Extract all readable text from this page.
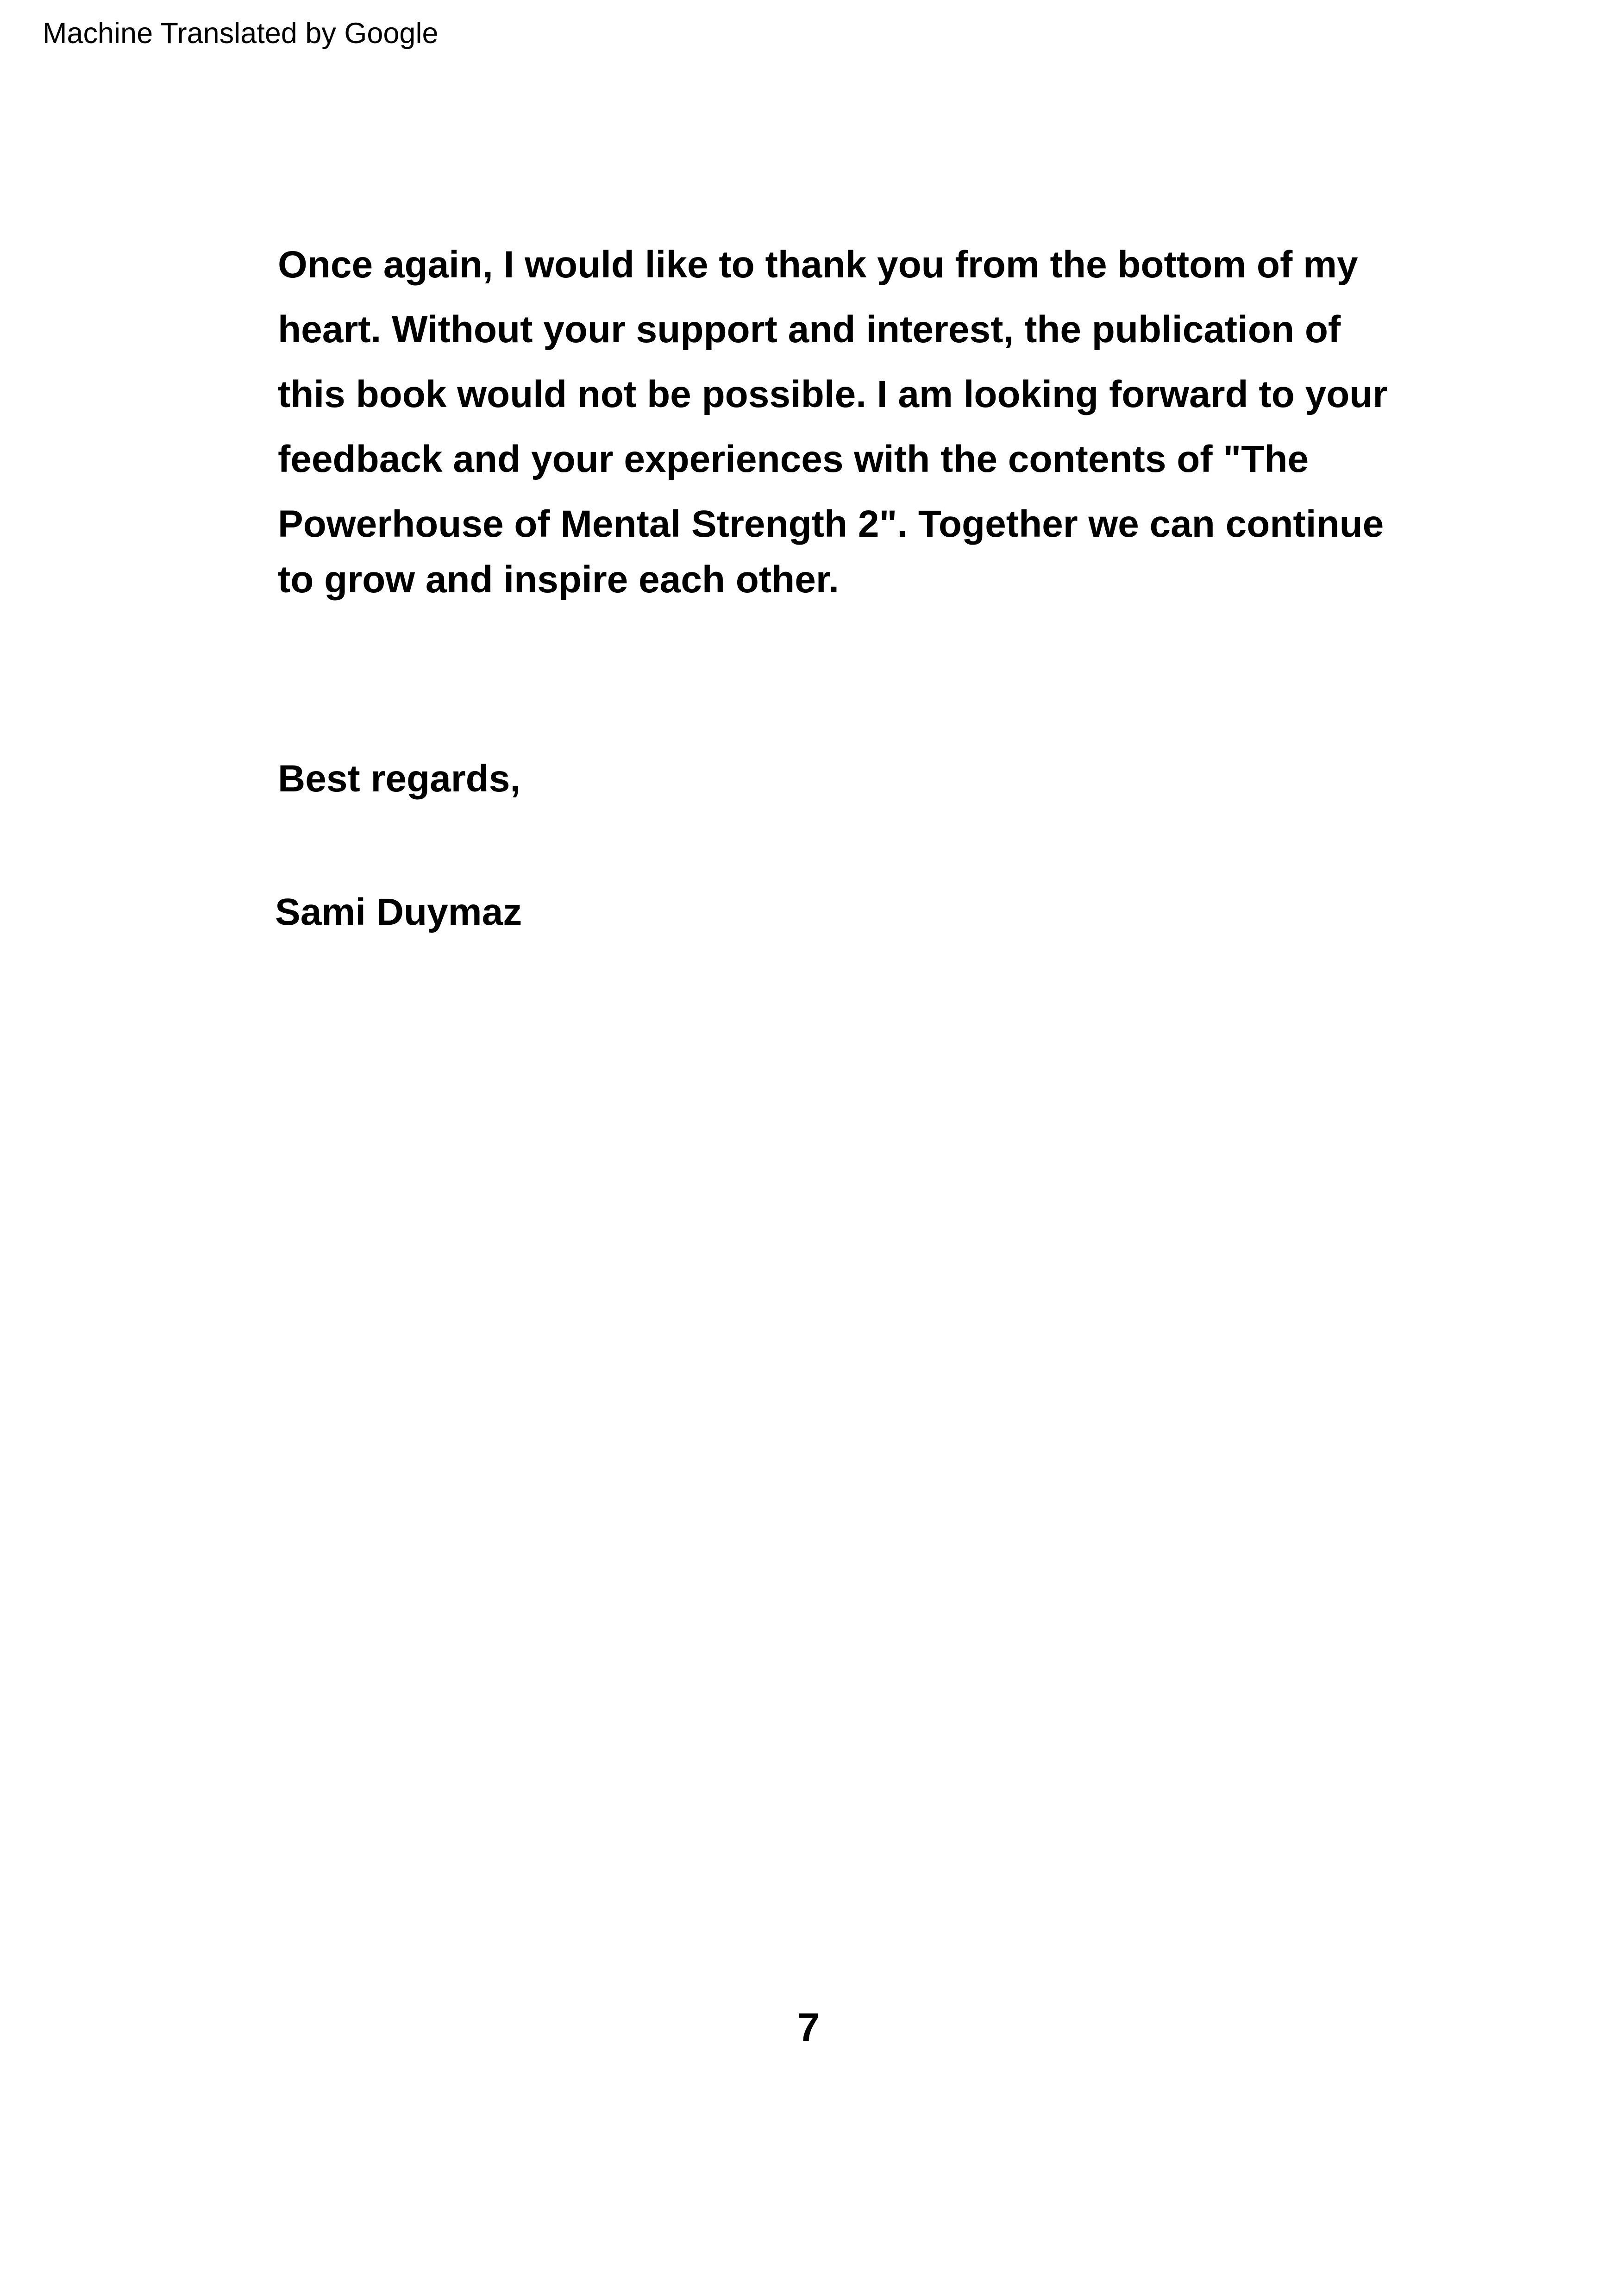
Machine Translated by Google
Once again, I would like to thank you from the bottom of my
heart. Without your support and interest, the publication of
this book would not be possible. I am looking forward to your
feedback and your experiences with the contents of "The
Powerhouse of Mental Strength 2". Together we can continue
to grow and inspire each other.
Best regards,
Sami Duymaz
7
